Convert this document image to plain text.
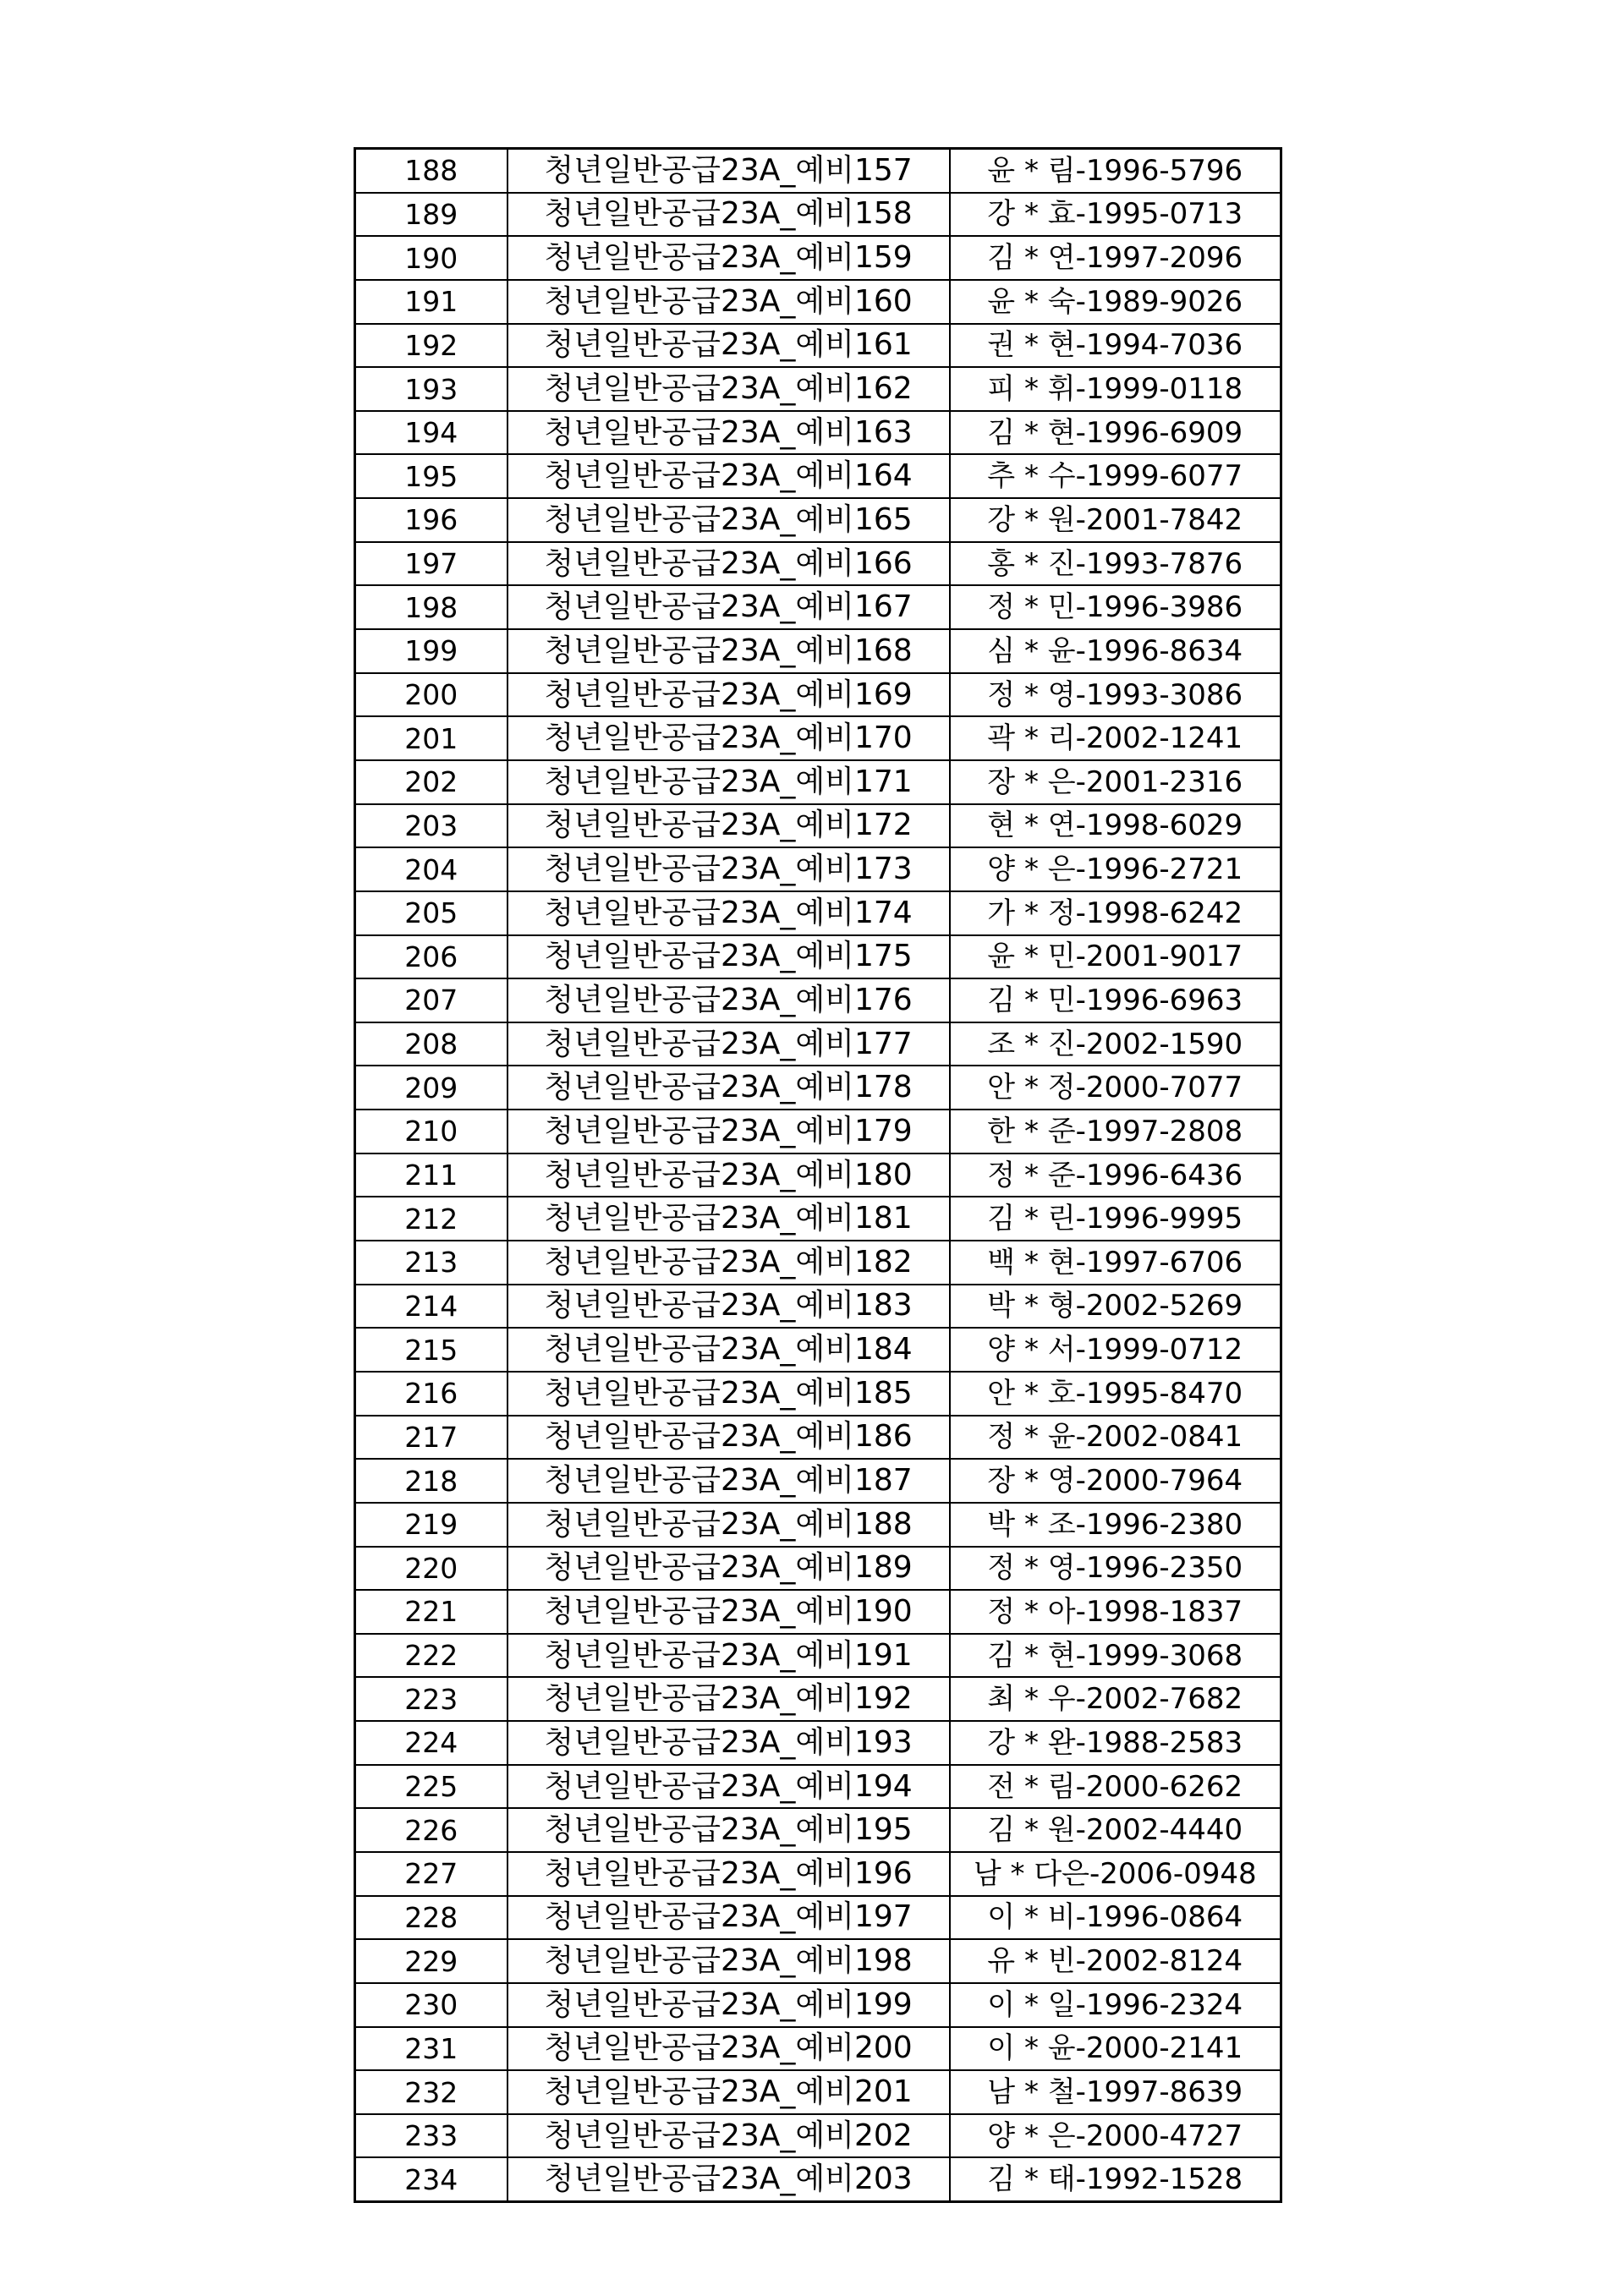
188	청년일반공급23A_예비157	윤 * 림-1996-5796
189	청년일반공급23A_예비158	강 * 효-1995-0713
190	청년일반공급23A_예비159	김 * 연-1997-2096
191	청년일반공급23A_예비160	윤 * 숙-1989-9026
192	청년일반공급23A_예비161	권 * 현-1994-7036
193	청년일반공급23A_예비162	피 * 휘-1999-0118
194	청년일반공급23A_예비163	김 * 현-1996-6909
195	청년일반공급23A_예비164	추 * 수-1999-6077
196	청년일반공급23A_예비165	강 * 원-2001-7842
197	청년일반공급23A_예비166	홍 * 진-1993-7876
198	청년일반공급23A_예비167	정 * 민-1996-3986
199	청년일반공급23A_예비168	심 * 윤-1996-8634
200	청년일반공급23A_예비169	정 * 영-1993-3086
201	청년일반공급23A_예비170	곽 * 리-2002-1241
202	청년일반공급23A_예비171	장 * 은-2001-2316
203	청년일반공급23A_예비172	현 * 연-1998-6029
204	청년일반공급23A_예비173	양 * 은-1996-2721
205	청년일반공급23A_예비174	가 * 정-1998-6242
206	청년일반공급23A_예비175	윤 * 민-2001-9017
207	청년일반공급23A_예비176	김 * 민-1996-6963
208	청년일반공급23A_예비177	조 * 진-2002-1590
209	청년일반공급23A_예비178	안 * 정-2000-7077
210	청년일반공급23A_예비179	한 * 준-1997-2808
211	청년일반공급23A_예비180	정 * 준-1996-6436
212	청년일반공급23A_예비181	김 * 린-1996-9995
213	청년일반공급23A_예비182	백 * 현-1997-6706
214	청년일반공급23A_예비183	박 * 형-2002-5269
215	청년일반공급23A_예비184	양 * 서-1999-0712
216	청년일반공급23A_예비185	안 * 호-1995-8470
217	청년일반공급23A_예비186	정 * 윤-2002-0841
218	청년일반공급23A_예비187	장 * 영-2000-7964
219	청년일반공급23A_예비188	박 * 조-1996-2380
220	청년일반공급23A_예비189	정 * 영-1996-2350
221	청년일반공급23A_예비190	정 * 아-1998-1837
222	청년일반공급23A_예비191	김 * 현-1999-3068
223	청년일반공급23A_예비192	최 * 우-2002-7682
224	청년일반공급23A_예비193	강 * 완-1988-2583
225	청년일반공급23A_예비194	전 * 림-2000-6262
226	청년일반공급23A_예비195	김 * 원-2002-4440
227	청년일반공급23A_예비196	남 * 다은-2006-0948
228	청년일반공급23A_예비197	이 * 비-1996-0864
229	청년일반공급23A_예비198	유 * 빈-2002-8124
230	청년일반공급23A_예비199	이 * 일-1996-2324
231	청년일반공급23A_예비200	이 * 윤-2000-2141
232	청년일반공급23A_예비201	남 * 철-1997-8639
233	청년일반공급23A_예비202	양 * 은-2000-4727
234	청년일반공급23A_예비203	김 * 태-1992-1528
